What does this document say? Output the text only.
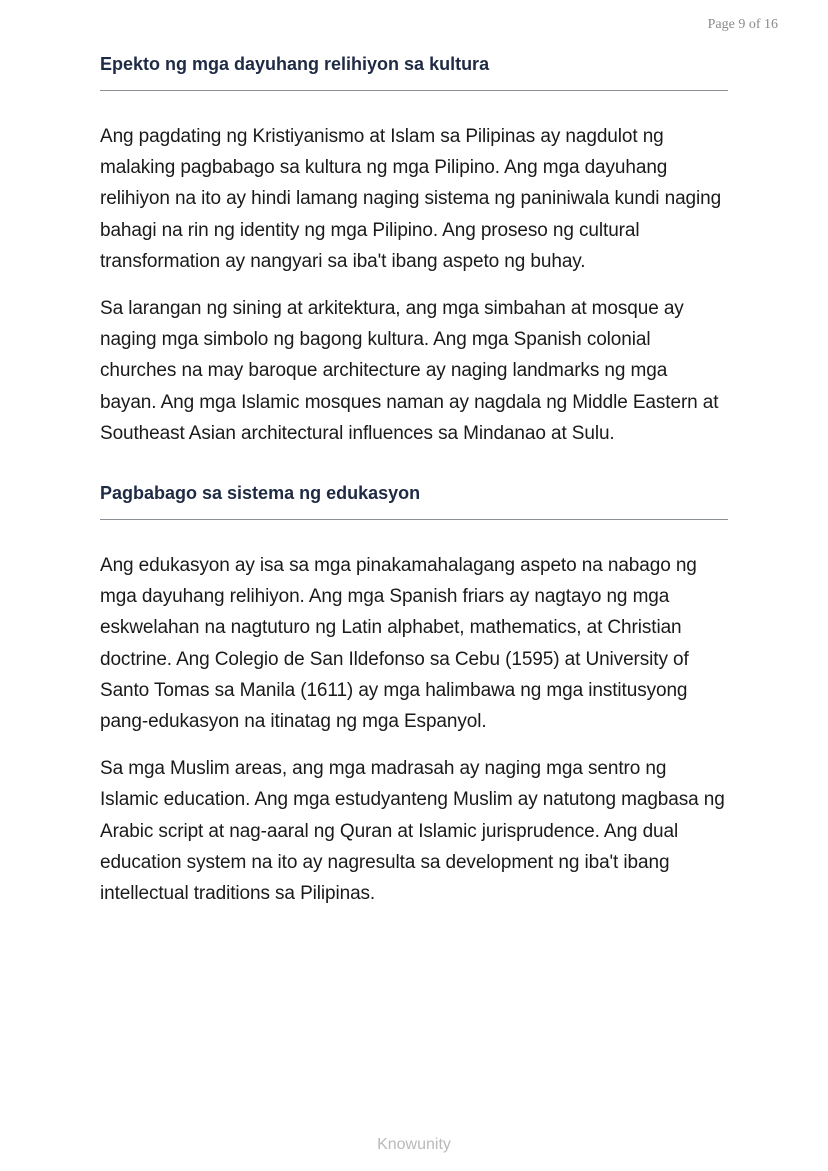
Page 9 of 16
Epekto ng mga dayuhang relihiyon sa kultura

Ang pagdating ng Kristiyanismo at Islam sa Pilipinas ay nagdulot ng malaking pagbabago sa kultura ng mga Pilipino. Ang mga dayuhang relihiyon na ito ay hindi lamang naging sistema ng paniniwala kundi naging bahagi na rin ng identity ng mga Pilipino. Ang proseso ng cultural transformation ay nangyari sa iba't ibang aspeto ng buhay.

Sa larangan ng sining at arkitektura, ang mga simbahan at mosque ay naging mga simbolo ng bagong kultura. Ang mga Spanish colonial churches na may baroque architecture ay naging landmarks ng mga bayan. Ang mga Islamic mosques naman ay nagdala ng Middle Eastern at Southeast Asian architectural influences sa Mindanao at Sulu.

Pagbabago sa sistema ng edukasyon

Ang edukasyon ay isa sa mga pinakamahalagang aspeto na nabago ng mga dayuhang relihiyon. Ang mga Spanish friars ay nagtayo ng mga eskwelahan na nagtuturo ng Latin alphabet, mathematics, at Christian doctrine. Ang Colegio de San Ildefonso sa Cebu (1595) at University of Santo Tomas sa Manila (1611) ay mga halimbawa ng mga institusyong pang-edukasyon na itinatag ng mga Espanyol.

Sa mga Muslim areas, ang mga madrasah ay naging mga sentro ng Islamic education. Ang mga estudyanteng Muslim ay natutong magbasa ng Arabic script at nag-aaral ng Quran at Islamic jurisprudence. Ang dual education system na ito ay nagresulta sa development ng iba't ibang intellectual traditions sa Pilipinas.

Knowunity
